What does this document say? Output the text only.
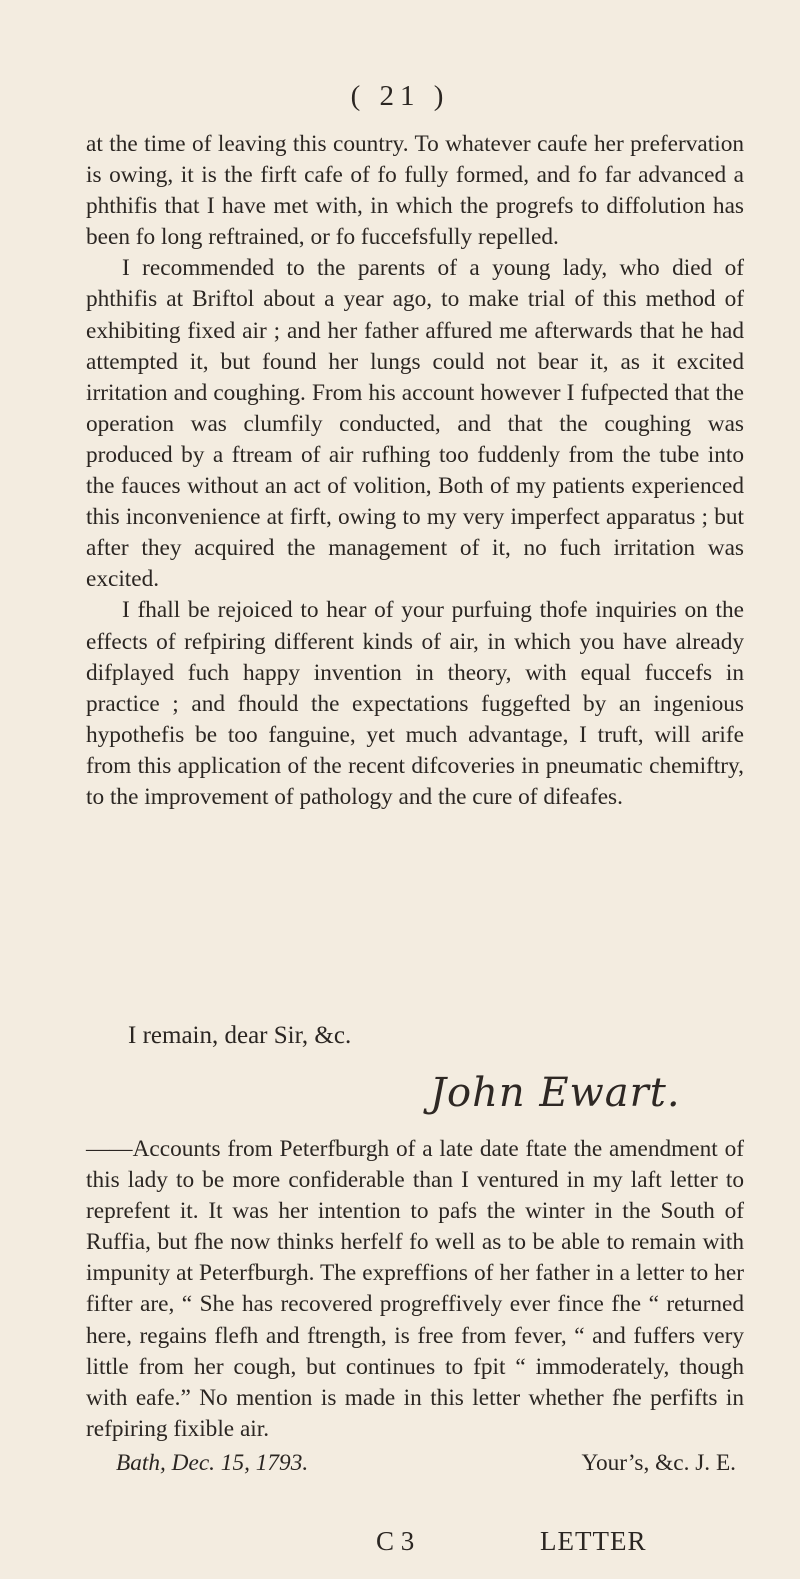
( 21 )

at the time of leaving this country. To whatever caufe her prefervation is owing, it is the firft cafe of fo fully formed, and fo far advanced a phthifis that I have met with, in which the progrefs to diffolution has been fo long reftrained, or fo fuccefsfully repelled.

I recommended to the parents of a young lady, who died of phthifis at Briftol about a year ago, to make trial of this method of exhibiting fixed air ; and her father affured me afterwards that he had attempted it, but found her lungs could not bear it, as it excited irritation and coughing. From his account however I fufpected that the operation was clumfily conducted, and that the coughing was produced by a ftream of air rufhing too fuddenly from the tube into the fauces without an act of volition, Both of my patients experienced this inconvenience at firft, owing to my very imperfect apparatus ; but after they acquired the management of it, no fuch irritation was excited.

I fhall be rejoiced to hear of your purfuing thofe inquiries on the effects of refpiring different kinds of air, in which you have already difplayed fuch happy invention in theory, with equal fuccefs in practice ; and fhould the expectations fuggefted by an ingenious hypothefis be too fanguine, yet much advantage, I truft, will arife from this application of the recent difcoveries in pneumatic chemiftry, to the improvement of pathology and the cure of difeafes.

I remain, dear Sir, &c.
John Ewart.

——Accounts from Peterfburgh of a late date ftate the amendment of this lady to be more confiderable than I ventured in my laft letter to reprefent it. It was her intention to pafs the winter in the South of Ruffia, but fhe now thinks herfelf fo well as to be able to remain with impunity at Peterfburgh. The expreffions of her father in a letter to her fifter are, “ She has recovered progreffively ever fince fhe “ returned here, regains flefh and ftrength, is free from fever, “ and fuffers very little from her cough, but continues to fpit “ immoderately, though with eafe.” No mention is made in this letter whether fhe perfifts in refpiring fixible air.

Bath, Dec. 15, 1793.	Your’s, &c. J. E.
C 3	LETTER
